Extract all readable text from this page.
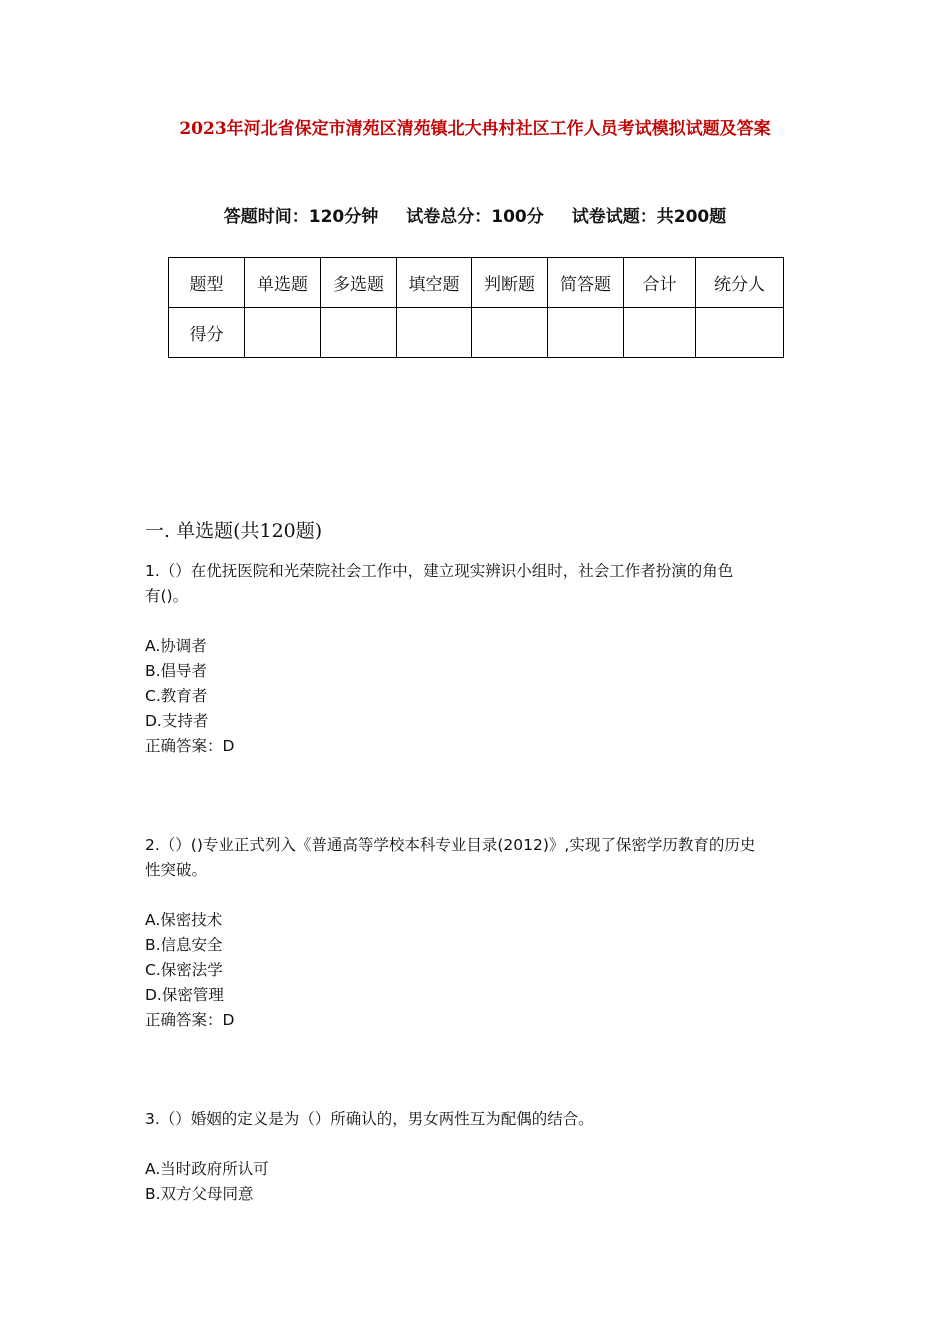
2023年河北省保定市清苑区清苑镇北大冉村社区工作人员考试模拟试题及答案
答题时间：120分钟 试卷总分：100分 试卷试题：共200题
题型	单选题	多选题	填空题	判断题	简答题	合计	统分人
得分							
一. 单选题(共120题)
1.（）在优抚医院和光荣院社会工作中，建立现实辨识小组时，社会工作者扮演的角色
有()。
A.协调者
B.倡导者
C.教育者
D.支持者
正确答案：D
2.（）()专业正式列入《普通高等学校本科专业目录(2012)》,实现了保密学历教育的历史
性突破。
A.保密技术
B.信息安全
C.保密法学
D.保密管理
正确答案：D
3.（）婚姻的定义是为（）所确认的，男女两性互为配偶的结合。
A.当时政府所认可
B.双方父母同意
